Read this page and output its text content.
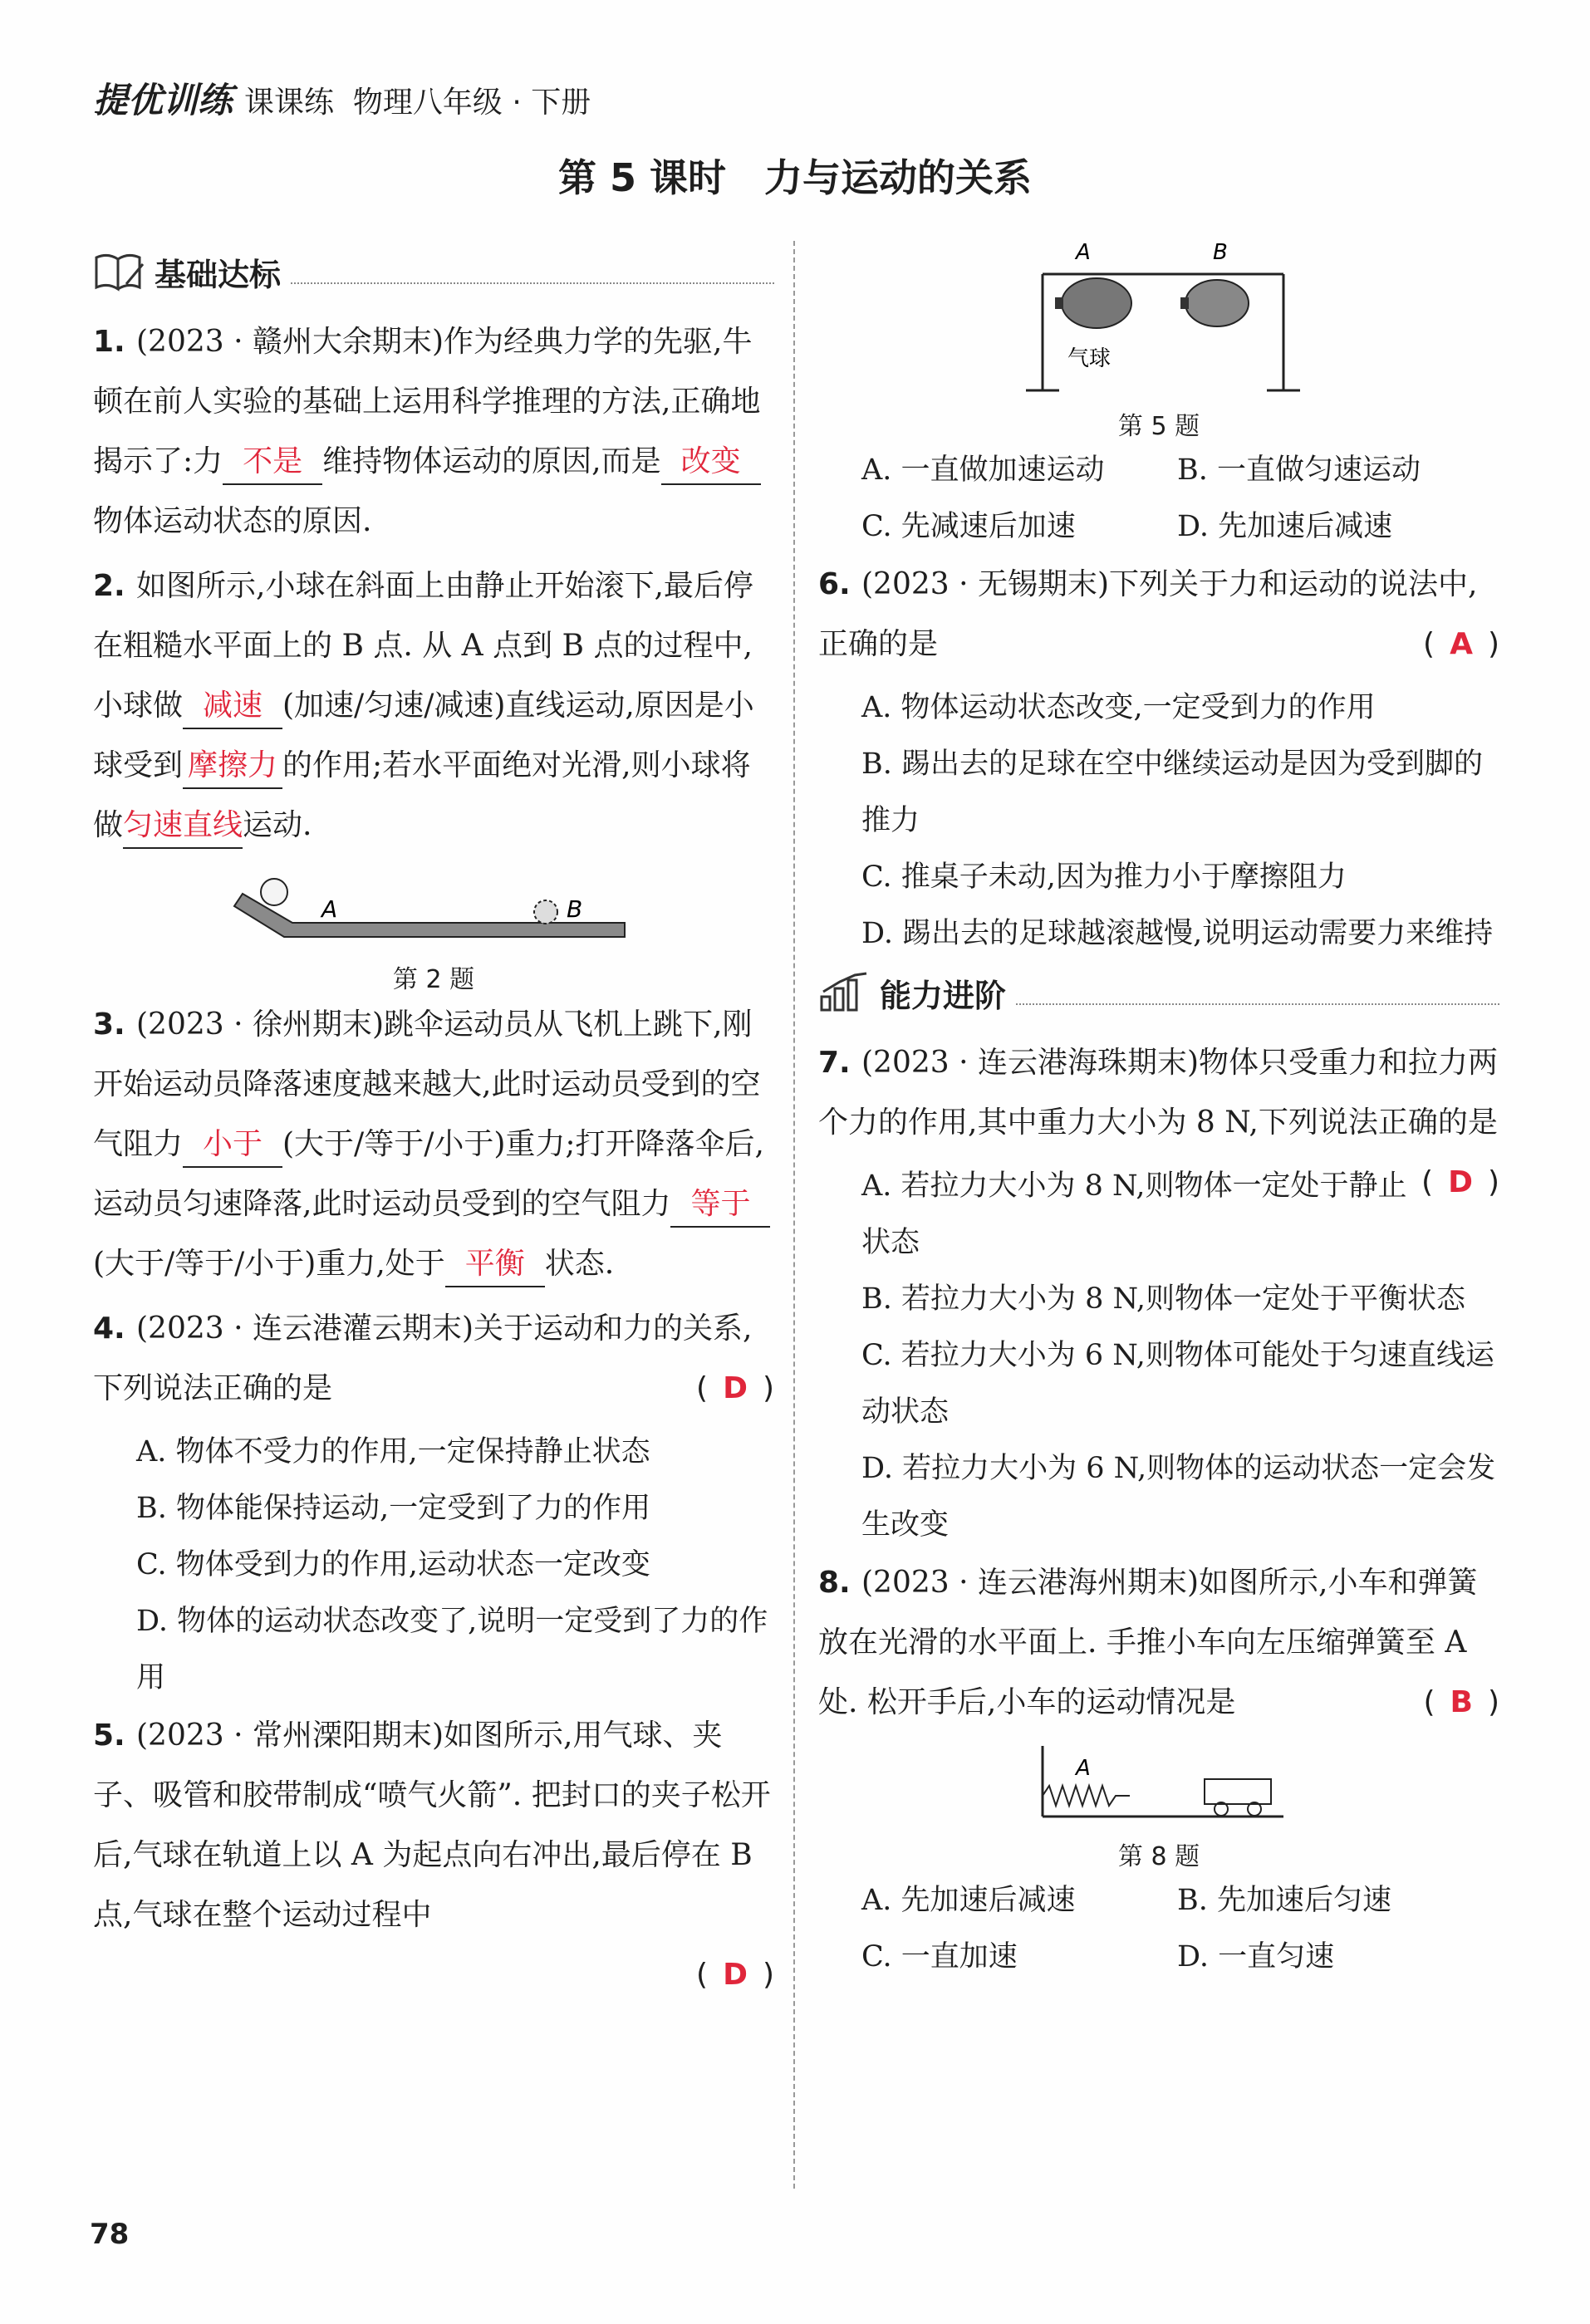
提优训练 课课练 物理八年级 · 下册
第 5 课时　力与运动的关系
基础达标
1. (2023 · 赣州大余期末)作为经典力学的先驱,牛顿在前人实验的基础上运用科学推理的方法,正确地揭示了:力 不是 维持物体运动的原因,而是 改变物体运动状态的原因.
2. 如图所示,小球在斜面上由静止开始滚下,最后停在粗糙水平面上的 B 点. 从 A 点到 B 点的过程中,小球做 减速 (加速/匀速/减速)直线运动,原因是小球受到 摩擦力 的作用;若水平面绝对光滑,则小球将做匀速直线运动.
A	B
第 2 题
3. (2023 · 徐州期末)跳伞运动员从飞机上跳下,刚开始运动员降落速度越来越大,此时运动员受到的空气阻力 小于 (大于/等于/小于)重力;打开降落伞后,运动员匀速降落,此时运动员受到的空气阻力 等于(大于/等于/小于)重力,处于 平衡 状态.
4. (2023 · 连云港灌云期末)关于运动和力的关系,下列说法正确的是	( D )
A. 物体不受力的作用,一定保持静止状态
B. 物体能保持运动,一定受到了力的作用
C. 物体受到力的作用,运动状态一定改变
D. 物体的运动状态改变了,说明一定受到了力的作用
5. (2023 · 常州溧阳期末)如图所示,用气球、夹子、吸管和胶带制成“喷气火箭”. 把封口的夹子松开后,气球在轨道上以 A 为起点向右冲出,最后停在 B 点,气球在整个运动过程中
( D )
A	B
气球
第 5 题
A. 一直做加速运动	B. 一直做匀速运动
C. 先减速后加速	D. 先加速后减速
6. (2023 · 无锡期末)下列关于力和运动的说法中,正确的是	( A )
A. 物体运动状态改变,一定受到力的作用
B. 踢出去的足球在空中继续运动是因为受到脚的推力
C. 推桌子未动,因为推力小于摩擦阻力
D. 踢出去的足球越滚越慢,说明运动需要力来维持
能力进阶
7. (2023 · 连云港海珠期末)物体只受重力和拉力两个力的作用,其中重力大小为 8 N,下列说法正确的是
( D )
A. 若拉力大小为 8 N,则物体一定处于静止状态
B. 若拉力大小为 8 N,则物体一定处于平衡状态
C. 若拉力大小为 6 N,则物体可能处于匀速直线运动状态
D. 若拉力大小为 6 N,则物体的运动状态一定会发生改变
8. (2023 · 连云港海州期末)如图所示,小车和弹簧放在光滑的水平面上. 手推小车向左压缩弹簧至 A 处. 松开手后,小车的运动情况是	( B )
A
第 8 题
A. 先加速后减速	B. 先加速后匀速
C. 一直加速	D. 一直匀速
78
